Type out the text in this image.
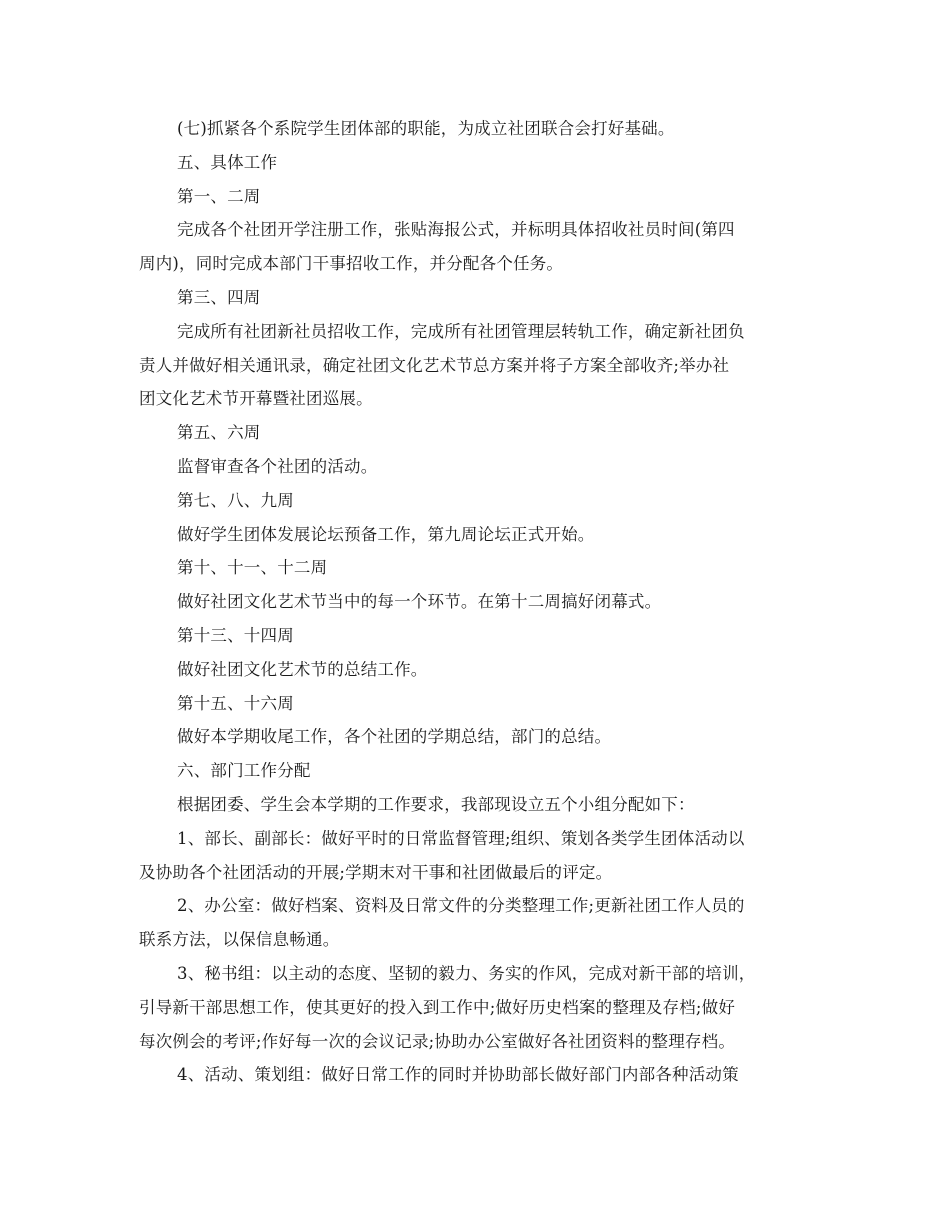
(七)抓紧各个系院学生团体部的职能，为成立社团联合会打好基础。

五、具体工作

第一、二周

完成各个社团开学注册工作，张贴海报公式，并标明具体招收社员时间(第四

周内)，同时完成本部门干事招收工作，并分配各个任务。

第三、四周

完成所有社团新社员招收工作，完成所有社团管理层转轨工作，确定新社团负

责人并做好相关通讯录，确定社团文化艺术节总方案并将子方案全部收齐;举办社

团文化艺术节开幕暨社团巡展。

第五、六周

监督审查各个社团的活动。

第七、八、九周

做好学生团体发展论坛预备工作，第九周论坛正式开始。

第十、十一、十二周

做好社团文化艺术节当中的每一个环节。在第十二周搞好闭幕式。

第十三、十四周

做好社团文化艺术节的总结工作。

第十五、十六周

做好本学期收尾工作，各个社团的学期总结，部门的总结。

六、部门工作分配

根据团委、学生会本学期的工作要求，我部现设立五个小组分配如下：

1、部长、副部长：做好平时的日常监督管理;组织、策划各类学生团体活动以

及协助各个社团活动的开展;学期末对干事和社团做最后的评定。

2、办公室：做好档案、资料及日常文件的分类整理工作;更新社团工作人员的

联系方法，以保信息畅通。

3、秘书组：以主动的态度、坚韧的毅力、务实的作风，完成对新干部的培训，

引导新干部思想工作，使其更好的投入到工作中;做好历史档案的整理及存档;做好

每次例会的考评;作好每一次的会议记录;协助办公室做好各社团资料的整理存档。

4、活动、策划组：做好日常工作的同时并协助部长做好部门内部各种活动策
